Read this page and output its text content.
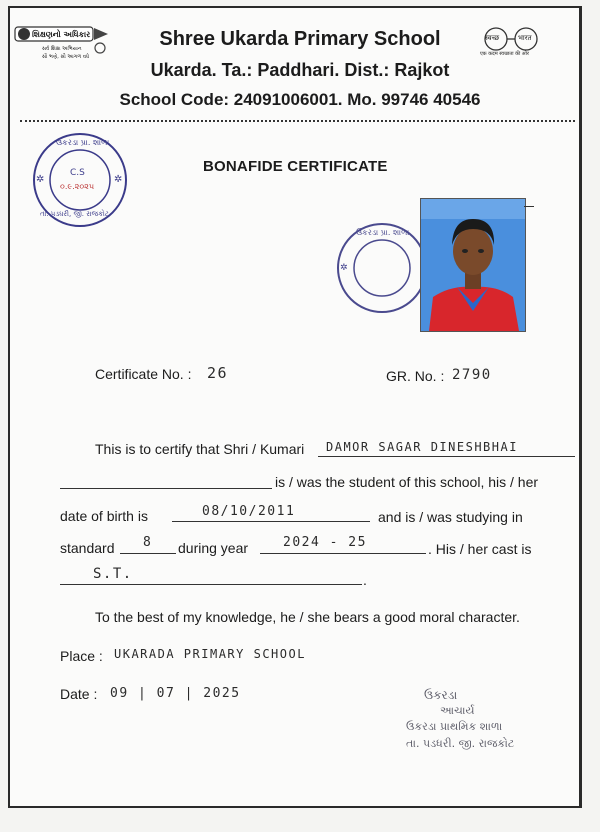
શિક્ષણનો અધિકાર
સર્વ શિક્ષા અભિયાન
સૌ ભણે, સૌ આગળ વધે
स्वच्छ	भारत
एक कदम स्वच्छता की ओर
Shree Ukarda Primary School
Ukarda. Ta.: Paddhari. Dist.: Rajkot
School Code: 24091006001. Mo. 99746 40546
✲	✲
ઉકરડા પ્રા. શાળા
C.S
૦.૯.૨૦૨૫
તા. પડધરી, જી. રાજકોટ
BONAFIDE CERTIFICATE
✲
ઉકરડા પ્રા. શાળા
Certificate No. : 26	GR. No. : 2790
This is to certify that Shri / Kumari DAMOR SAGAR DINESHBHAI
is / was the student of this school, his / her
date of birth is	08/10/2011	and is / was studying in
standard 8 during year	2024 - 25	. His / her cast is
S.T.	.
To the best of my knowledge, he / she bears a good moral character.
Place : UKARADA PRIMARY SCHOOL
Date : 09 | 07 | 2025	ઉકરડા
આચાર્ય
ઉકરડા પ્રાથમિક શાળા
તા. પડધરી. જી. રાજકોટ
